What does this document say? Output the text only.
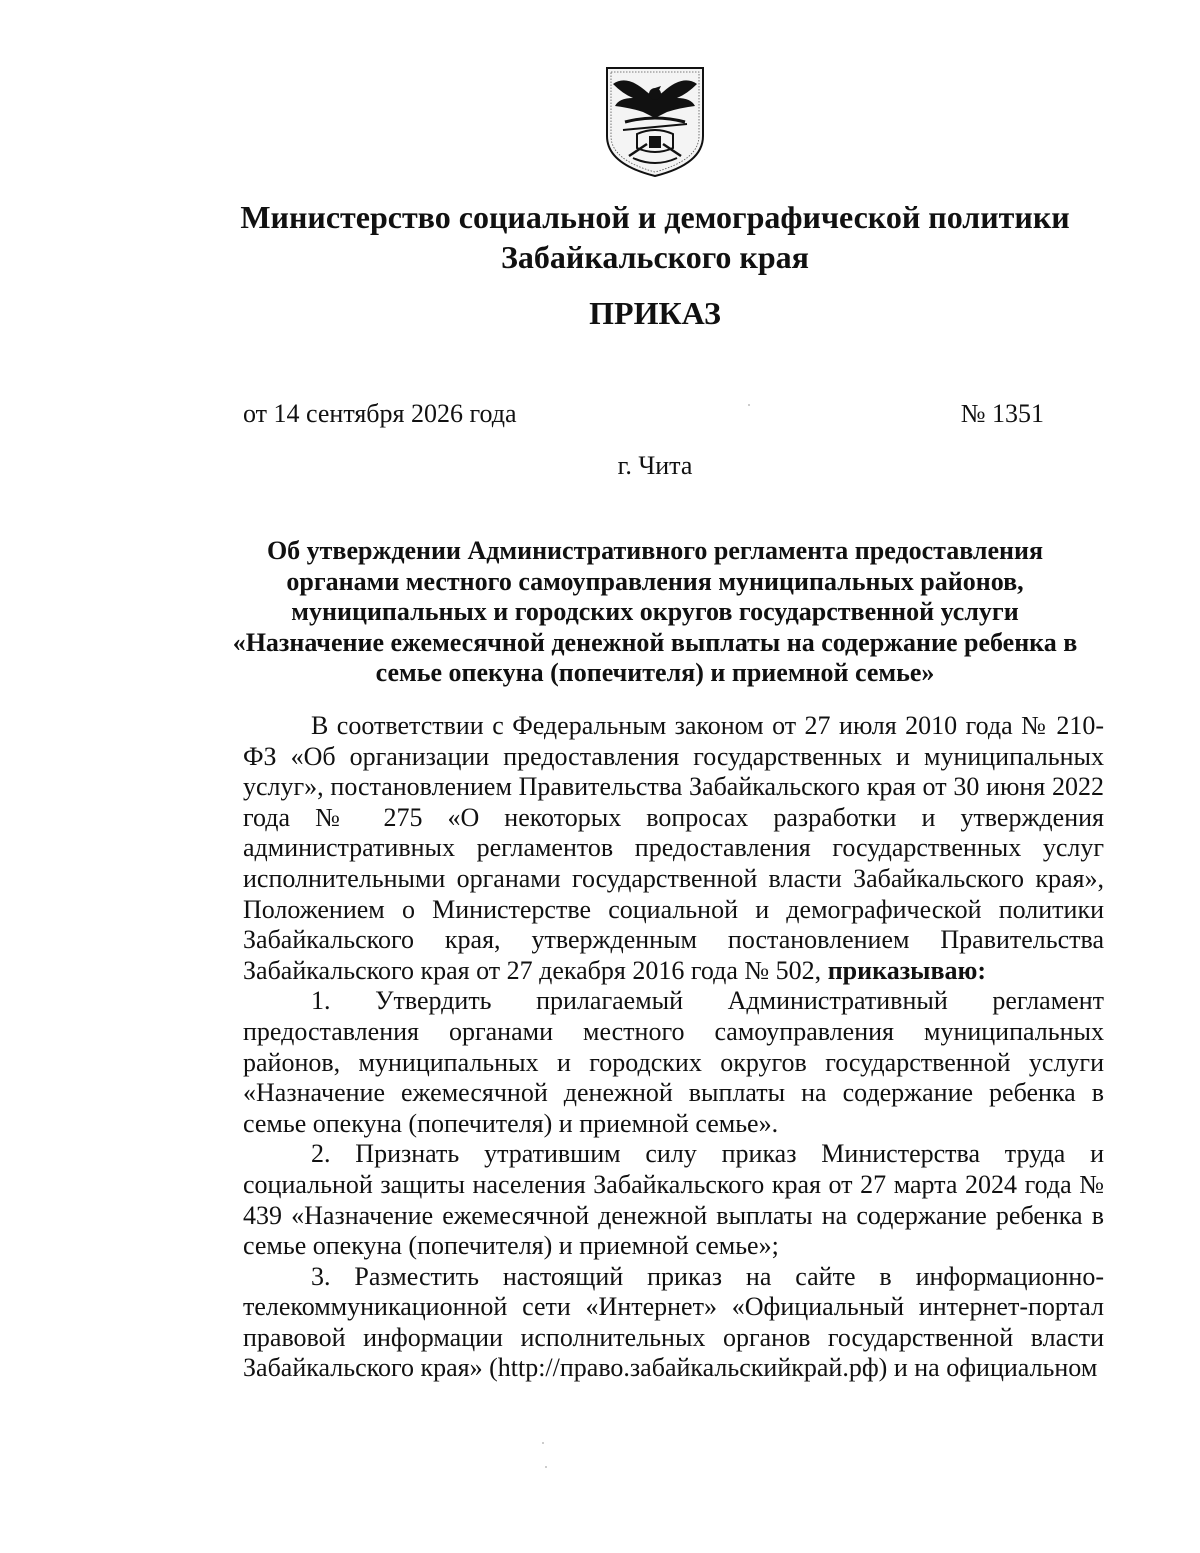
Министерство социальной и демографической политики
Забайкальского края
ПРИКАЗ
от 14 сентября 2026 года	№ 1351
г. Чита
Об утверждении Административного регламента предоставления
органами местного самоуправления муниципальных районов,
муниципальных и городских округов государственной услуги
«Назначение ежемесячной денежной выплаты на содержание ребенка в
семье опекуна (попечителя) и приемной семье»

В соответствии с Федеральным законом от 27 июля 2010 года № 210-ФЗ «Об организации предоставления государственных и муниципальных услуг», постановлением Правительства Забайкальского края от 30 июня 2022 года № 275 «О некоторых вопросах разработки и утверждения административных регламентов предоставления государственных услуг исполнительными органами государственной власти Забайкальского края», Положением о Министерстве социальной и демографической политики Забайкальского края, утвержденным постановлением Правительства Забайкальского края от 27 декабря 2016 года № 502, приказываю:

1. Утвердить прилагаемый Административный регламент предоставления органами местного самоуправления муниципальных районов, муниципальных и городских округов государственной услуги «Назначение ежемесячной денежной выплаты на содержание ребенка в семье опекуна (попечителя) и приемной семье».

2. Признать утратившим силу приказ Министерства труда и социальной защиты населения Забайкальского края от 27 марта 2024 года № 439 «Назначение ежемесячной денежной выплаты на содержание ребенка в семье опекуна (попечителя) и приемной семье»;

3. Разместить настоящий приказ на сайте в информационно-телекоммуникационной сети «Интернет» «Официальный интернет-портал правовой информации исполнительных органов государственной власти Забайкальского края» (http://право.забайкальскийкрай.рф) и на официальном
